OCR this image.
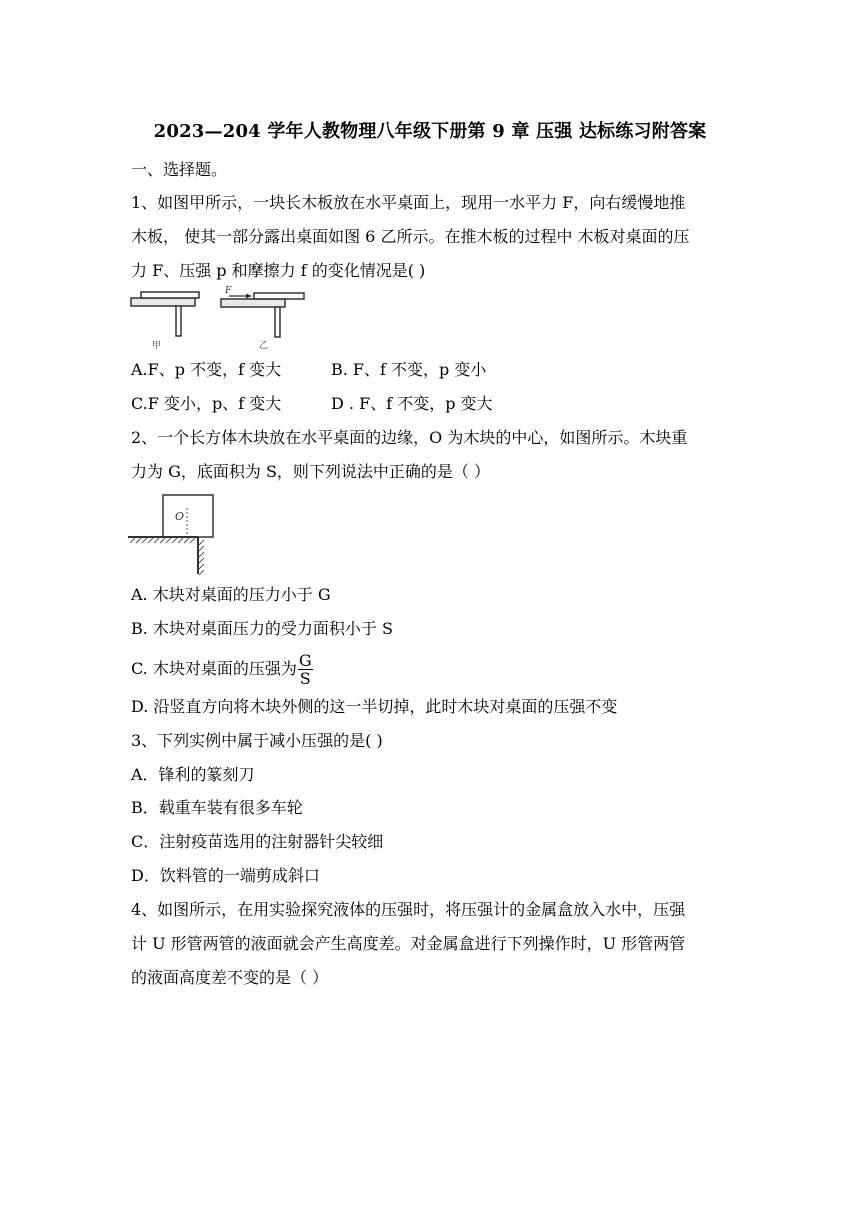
2023—204 学年人教物理八年级下册第 9 章 压强 达标练习附答案
一、选择题。
1、如图甲所示，一块长木板放在水平桌面上，现用一水平力 F，向右缓慢地推
木板， 使其一部分露出桌面如图 6 乙所示。在推木板的过程中 木板对桌面的压
力 F、压强 p 和摩擦力 f 的变化情况是( )
甲
F
乙
A.F、p 不变，f 变大	B. F、f 不变，p 变小
C.F 变小，p、f 变大	D . F、f 不变，p 变大
2、一个长方体木块放在水平桌面的边缘，O 为木块的中心，如图所示。木块重
力为 G，底面积为 S，则下列说法中正确的是（ ）
O
A. 木块对桌面的压力小于 G
B. 木块对桌面压力的受力面积小于 S
C. 木块对桌面的压强为 $\frac{G}{S}$
D. 沿竖直方向将木块外侧的这一半切掉，此时木块对桌面的压强不变
3、下列实例中属于减小压强的是( )
A．锋利的篆刻刀
B．载重车装有很多车轮
C．注射疫苗选用的注射器针尖较细
D．饮料管的一端剪成斜口
4、如图所示，在用实验探究液体的压强时，将压强计的金属盒放入水中，压强
计 U 形管两管的液面就会产生高度差。对金属盒进行下列操作时，U 形管两管
的液面高度差不变的是（ ）
